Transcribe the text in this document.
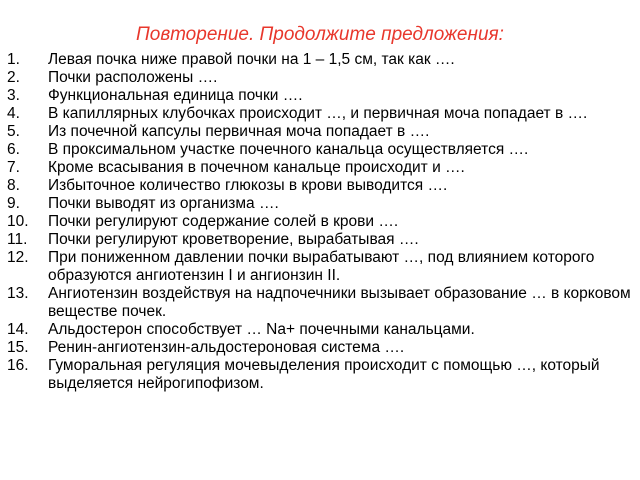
Повторение. Продолжите предложения:
1.	Левая почка ниже правой почки на 1 – 1,5 см, так как ….
2.	Почки расположены ….
3.	Функциональная единица почки ….
4.	В капиллярных клубочках происходит …, и первичная моча попадает в ….
5.	Из почечной капсулы первичная моча попадает в ….
6.	В проксимальном участке почечного канальца осуществляется ….
7.	Кроме всасывания в почечном канальце происходит и ….
8.	Избыточное количество глюкозы в крови выводится ….
9.	Почки выводят из организма ….
10.	Почки регулируют содержание солей в крови ….
11.	Почки регулируют кроветворение, вырабатывая ….
12.	При пониженном давлении почки вырабатывают …, под влиянием которого образуются ангиотензин I и ангионзин II.
13.	Ангиотензин воздействуя на надпочечники вызывает образование … в корковом веществе почек.
14.	Альдостерон способствует … Na+ почечными канальцами.
15.	Ренин-ангиотензин-альдостероновая система ….
16.	Гуморальная регуляция мочевыделения происходит с помощью …, который выделяется нейрогипофизом.
